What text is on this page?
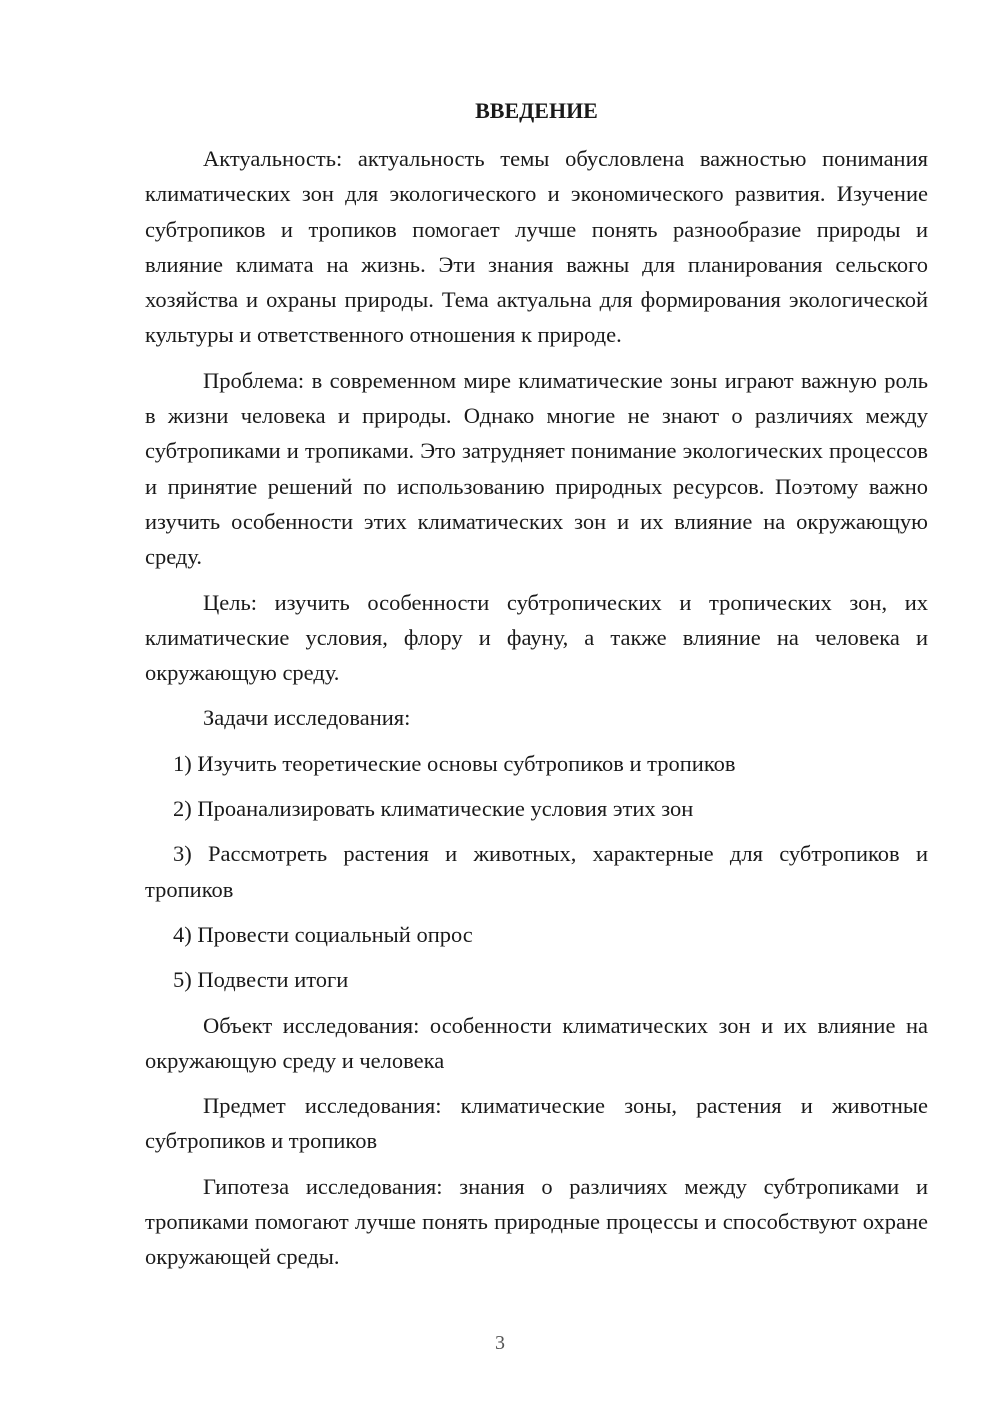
ВВЕДЕНИЕ

Актуальность: актуальность темы обусловлена важностью понимания климатических зон для экологического и экономического развития. Изучение субтропиков и тропиков помогает лучше понять разнообразие природы и влияние климата на жизнь. Эти знания важны для планирования сельского хозяйства и охраны природы. Тема актуальна для формирования экологической культуры и ответственного отношения к природе.

Проблема: в современном мире климатические зоны играют важную роль в жизни человека и природы. Однако многие не знают о различиях между субтропиками и тропиками. Это затрудняет понимание экологических процессов и принятие решений по использованию природных ресурсов. Поэтому важно изучить особенности этих климатических зон и их влияние на окружающую среду.

Цель: изучить особенности субтропических и тропических зон, их климатические условия, флору и фауну, а также влияние на человека и окружающую среду.

Задачи исследования:

1) Изучить теоретические основы субтропиков и тропиков

2) Проанализировать климатические условия этих зон

3) Рассмотреть растения и животных, характерные для субтропиков и тропиков

4) Провести социальный опрос

5) Подвести итоги

Объект исследования: особенности климатических зон и их влияние на окружающую среду и человека

Предмет исследования: климатические зоны, растения и животные субтропиков и тропиков

Гипотеза исследования: знания о различиях между субтропиками и тропиками помогают лучше понять природные процессы и способствуют охране окружающей среды.

3
